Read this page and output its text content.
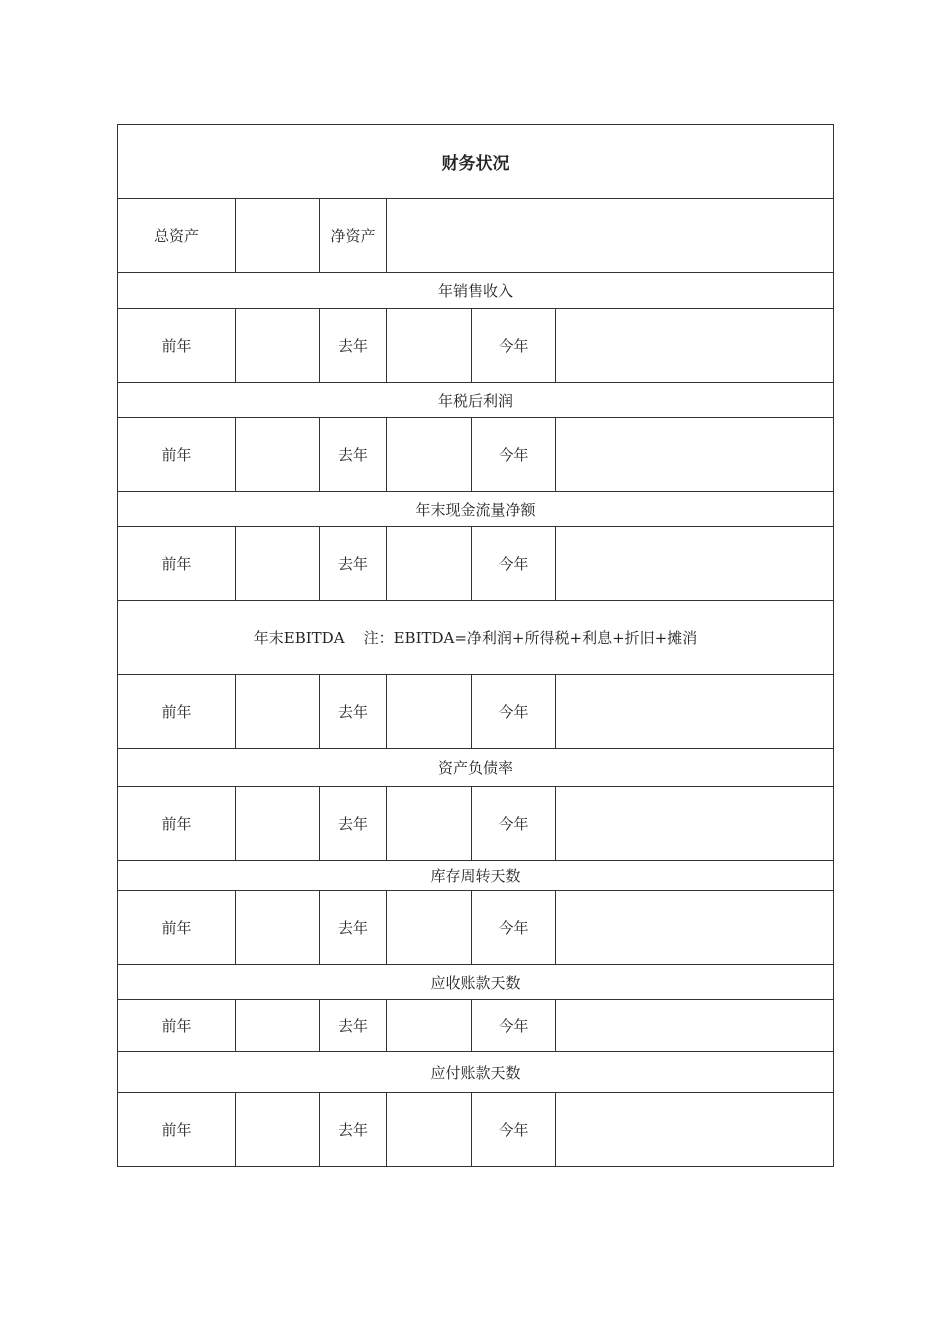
财务状况					
总资产		净资产			
年销售收入					
前年		去年		今年	
年税后利润					
前年		去年		今年	
年末现金流量净额					
前年		去年		今年	
年末EBITDA    注：EBITDA=净利润+所得税+利息+折旧+摊消					
前年		去年		今年	
资产负债率					
前年		去年		今年	
库存周转天数					
前年		去年		今年	
应收账款天数					
前年		去年		今年	
应付账款天数					
前年		去年		今年	
